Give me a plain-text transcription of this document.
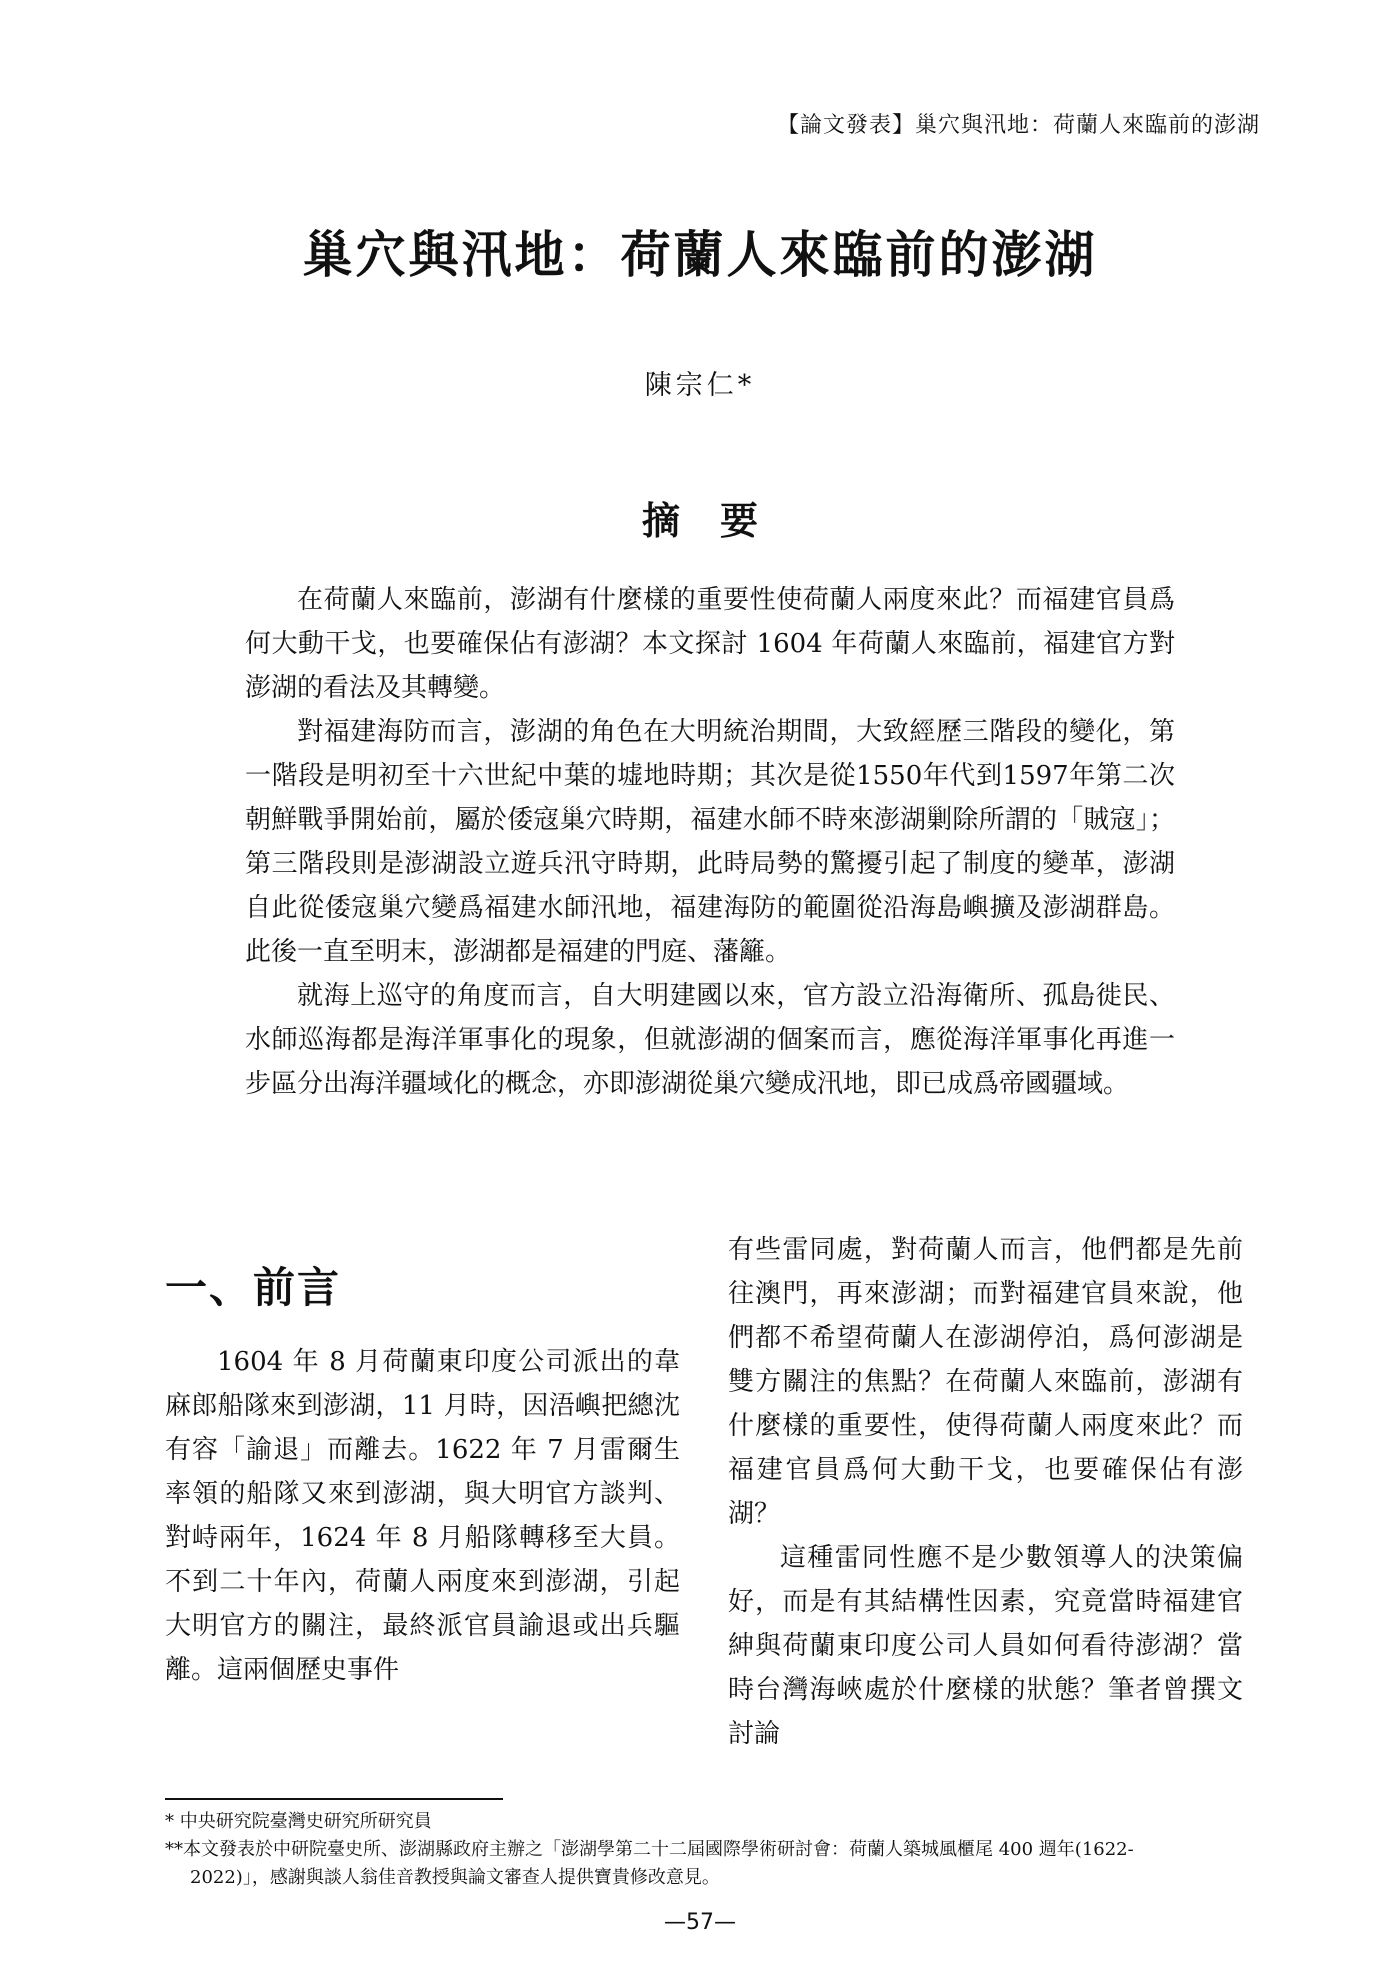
【論文發表】巢穴與汛地：荷蘭人來臨前的澎湖
巢穴與汛地：荷蘭人來臨前的澎湖
陳宗仁*
摘要

在荷蘭人來臨前，澎湖有什麼樣的重要性使荷蘭人兩度來此？而福建官員爲何大動干戈，也要確保佔有澎湖？本文探討 1604 年荷蘭人來臨前，福建官方對澎湖的看法及其轉變。

對福建海防而言，澎湖的角色在大明統治期間，大致經歷三階段的變化，第一階段是明初至十六世紀中葉的墟地時期；其次是從1550年代到1597年第二次朝鮮戰爭開始前，屬於倭寇巢穴時期，福建水師不時來澎湖剿除所謂的「賊寇」；第三階段則是澎湖設立遊兵汛守時期，此時局勢的驚擾引起了制度的變革，澎湖自此從倭寇巢穴變爲福建水師汛地，福建海防的範圍從沿海島嶼擴及澎湖群島。此後一直至明末，澎湖都是福建的門庭、藩籬。

就海上巡守的角度而言，自大明建國以來，官方設立沿海衛所、孤島徙民、水師巡海都是海洋軍事化的現象，但就澎湖的個案而言，應從海洋軍事化再進一步區分出海洋疆域化的概念，亦即澎湖從巢穴變成汛地，即已成爲帝國疆域。

一、前言

1604 年 8 月荷蘭東印度公司派出的韋麻郎船隊來到澎湖，11 月時，因浯嶼把總沈有容「諭退」而離去。1622 年 7 月雷爾生率領的船隊又來到澎湖，與大明官方談判、對峙兩年，1624 年 8 月船隊轉移至大員。不到二十年內，荷蘭人兩度來到澎湖，引起大明官方的關注，最終派官員諭退或出兵驅離。這兩個歷史事件

有些雷同處，對荷蘭人而言，他們都是先前往澳門，再來澎湖；而對福建官員來說，他們都不希望荷蘭人在澎湖停泊，爲何澎湖是雙方關注的焦點？在荷蘭人來臨前，澎湖有什麼樣的重要性，使得荷蘭人兩度來此？而福建官員爲何大動干戈，也要確保佔有澎湖？

這種雷同性應不是少數領導人的決策偏好，而是有其結構性因素，究竟當時福建官紳與荷蘭東印度公司人員如何看待澎湖？當時台灣海峽處於什麼樣的狀態？筆者曾撰文討論

* 中央研究院臺灣史研究所研究員

**本文發表於中研院臺史所、澎湖縣政府主辦之「澎湖學第二十二屆國際學術研討會：荷蘭人築城風櫃尾 400 週年(1622-

2022)」，感謝與談人翁佳音教授與論文審查人提供寶貴修改意見。

—57—
